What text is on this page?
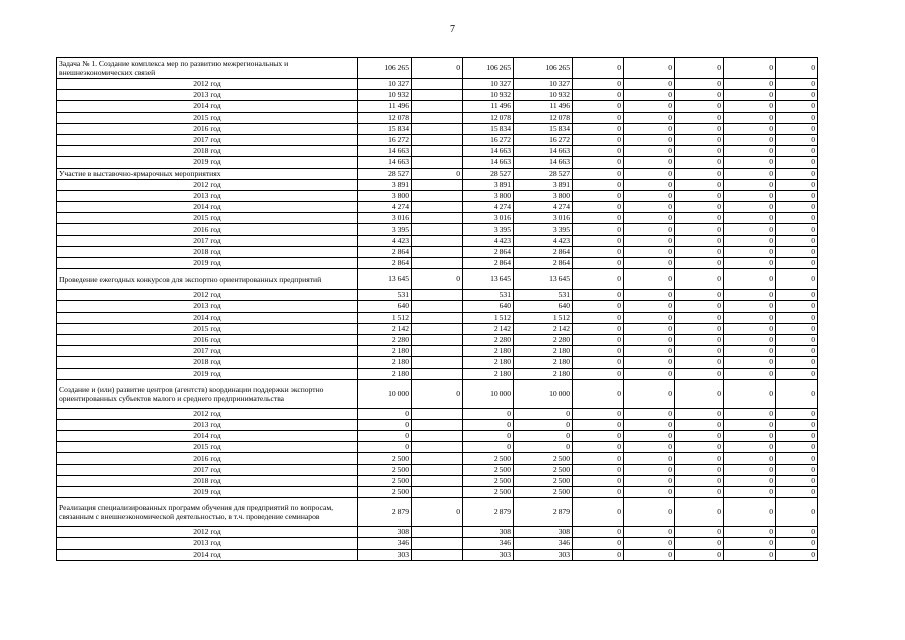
7
Задача № 1. Создание комплекса мер по развитию межрегиональных и внешнеэкономических связей	106 265	0	106 265	106 265	0	0	0	0	0
2012 год	10 327		10 327	10 327	0	0	0	0	0
2013 год	10 932		10 932	10 932	0	0	0	0	0
2014 год	11 496		11 496	11 496	0	0	0	0	0
2015 год	12 078		12 078	12 078	0	0	0	0	0
2016 год	15 834		15 834	15 834	0	0	0	0	0
2017 год	16 272		16 272	16 272	0	0	0	0	0
2018 год	14 663		14 663	14 663	0	0	0	0	0
2019 год	14 663		14 663	14 663	0	0	0	0	0
Участие в выставочно-ярмарочных мероприятиях	28 527	0	28 527	28 527	0	0	0	0	0
2012 год	3 891		3 891	3 891	0	0	0	0	0
2013 год	3 800		3 800	3 800	0	0	0	0	0
2014 год	4 274		4 274	4 274	0	0	0	0	0
2015 год	3 016		3 016	3 016	0	0	0	0	0
2016 год	3 395		3 395	3 395	0	0	0	0	0
2017 год	4 423		4 423	4 423	0	0	0	0	0
2018 год	2 864		2 864	2 864	0	0	0	0	0
2019 год	2 864		2 864	2 864	0	0	0	0	0
Проведение ежегодных конкурсов для экспортно ориентированных предприятий	13 645	0	13 645	13 645	0	0	0	0	0
2012 год	531		531	531	0	0	0	0	0
2013 год	640		640	640	0	0	0	0	0
2014 год	1 512		1 512	1 512	0	0	0	0	0
2015 год	2 142		2 142	2 142	0	0	0	0	0
2016 год	2 280		2 280	2 280	0	0	0	0	0
2017 год	2 180		2 180	2 180	0	0	0	0	0
2018 год	2 180		2 180	2 180	0	0	0	0	0
2019 год	2 180		2 180	2 180	0	0	0	0	0
Создание и (или) развитие центров (агентств) координации поддержки экспортно ориентированных субъектов малого и среднего предпринимательства	10 000	0	10 000	10 000	0	0	0	0	0
2012 год	0		0	0	0	0	0	0	0
2013 год	0		0	0	0	0	0	0	0
2014 год	0		0	0	0	0	0	0	0
2015 год	0		0	0	0	0	0	0	0
2016 год	2 500		2 500	2 500	0	0	0	0	0
2017 год	2 500		2 500	2 500	0	0	0	0	0
2018 год	2 500		2 500	2 500	0	0	0	0	0
2019 год	2 500		2 500	2 500	0	0	0	0	0
Реализация специализированных программ обучения для предприятий по вопросам, связанным с внешнеэкономической деятельностью, в т.ч. проведение семинаров	2 879	0	2 879	2 879	0	0	0	0	0
2012 год	308		308	308	0	0	0	0	0
2013 год	346		346	346	0	0	0	0	0
2014 год	303		303	303	0	0	0	0	0
